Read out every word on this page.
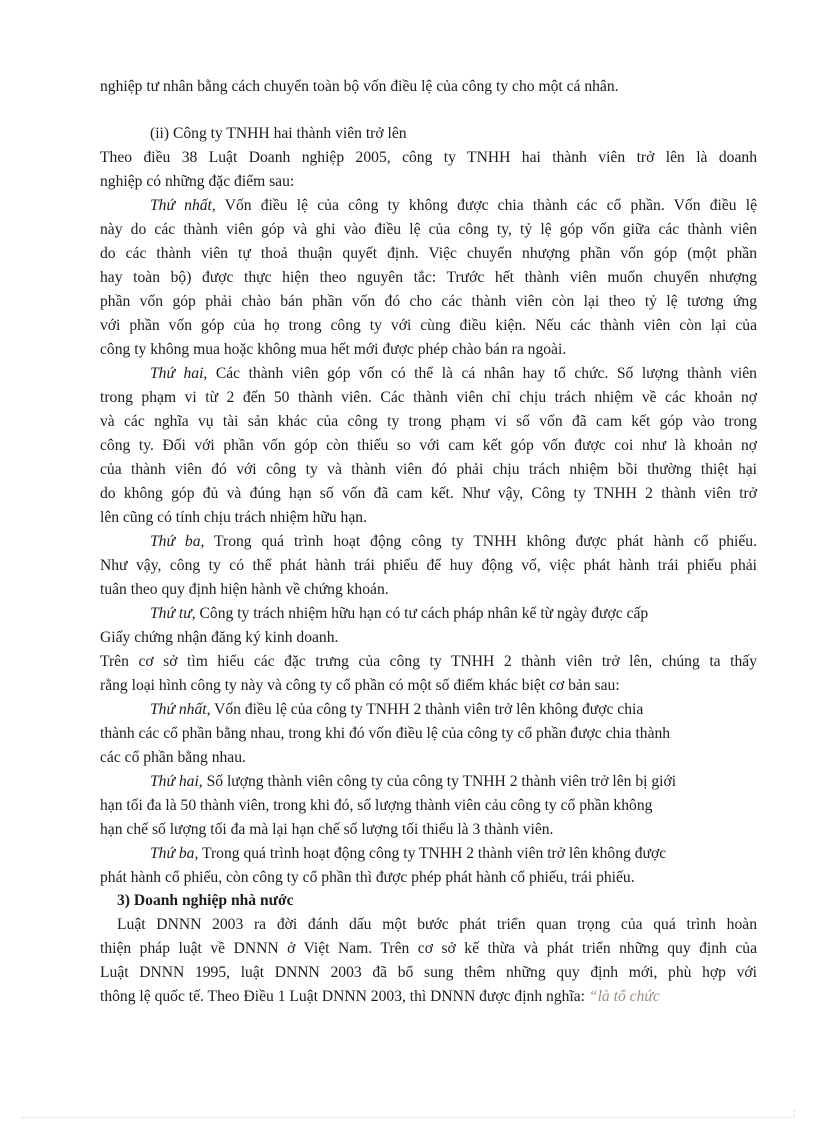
nghiệp tư nhân bằng cách chuyển toàn bộ vốn điều lệ của công ty cho một cá nhân.
(ii) Công ty TNHH hai thành viên trở lên
Theo điều 38 Luật Doanh nghiệp 2005, công ty TNHH hai thành viên trở lên là doanh
nghiệp có những đặc điểm sau:
Thứ nhất, Vốn điều lệ của công ty không được chia thành các cổ phần. Vốn điều lệ
này do các thành viên góp và ghi vào điều lệ của công ty, tỷ lệ góp vốn giữa các thành viên
do các thành viên tự thoả thuận quyết định. Việc chuyển nhượng phần vốn góp (một phần
hay toàn bộ) được thực hiện theo nguyên tắc: Trước hết thành viên muốn chuyển nhượng
phần vốn góp phải chào bán phần vốn đó cho các thành viên còn lại theo tỷ lệ tương ứng
với phần vốn góp của họ trong công ty với cùng điều kiện. Nếu các thành viên còn lại của
công ty không mua hoặc không mua hết mới được phép chào bán ra ngoài.
Thứ hai, Các thành viên góp vốn có thể là cá nhân hay tổ chức. Số lượng thành viên
trong phạm vi từ 2 đến 50 thành viên. Các thành viên chỉ chịu trách nhiệm về các khoản nợ
và các nghĩa vụ tài sản khác của công ty trong phạm vi số vốn đã cam kết góp vào trong
công ty. Đối với phần vốn góp còn thiếu so với cam kết góp vốn được coi như là khoản nợ
của thành viên đó với công ty và thành viên đó phải chịu trách nhiệm bồi thường thiệt hại
do không góp đủ và đúng hạn số vốn đã cam kết. Như vậy, Công ty TNHH 2 thành viên trở
lên cũng có tính chịu trách nhiệm hữu hạn.
Thứ ba, Trong quá trình hoạt động công ty TNHH không được phát hành cổ phiếu.
Như vậy, công ty có thể phát hành trái phiếu để huy động vố, việc phát hành trái phiếu phải
tuân theo quy định hiện hành về chứng khoán.
Thứ tư, Công ty trách nhiệm hữu hạn có tư cách pháp nhân kể từ ngày được cấp
Giấy chứng nhận đăng ký kinh doanh.
Trên cơ sở tìm hiểu các đặc trưng của công ty TNHH 2 thành viên trở lên, chúng ta thấy
rằng loại hình công ty này và công ty cổ phần có một số điểm khác biệt cơ bản sau:
Thứ nhất, Vốn điều lệ của công ty TNHH 2 thành viên trở lên không được chia
thành các cổ phần bằng nhau, trong khi đó vốn điều lệ của công ty cổ phần được chia thành
các cổ phần bằng nhau.
Thứ hai, Số lượng thành viên công ty của công ty TNHH 2 thành viên trở lên bị giới
hạn tối đa là 50 thành viên, trong khi đó, số lượng thành viên cảu công ty cổ phần không
hạn chế số lượng tối đa mà lại hạn chế số lượng tối thiểu là 3 thành viên.
Thứ ba, Trong quá trình hoạt động công ty TNHH 2 thành viên trở lên không được
phát hành cổ phiếu, còn công ty cổ phần thì được phép phát hành cổ phiếu, trái phiếu.
3) Doanh nghiệp nhà nước
Luật DNNN 2003 ra đời đánh dấu một bước phát triển quan trọng của quá trình hoàn
thiện pháp luật về DNNN ở Việt Nam. Trên cơ sở kế thừa và phát triển những quy định của
Luật DNNN 1995, luật DNNN 2003 đã bổ sung thêm những quy định mới, phù hợp với
thông lệ quốc tế. Theo Điều 1 Luật DNNN 2003, thì DNNN được định nghĩa: “là tổ chức
